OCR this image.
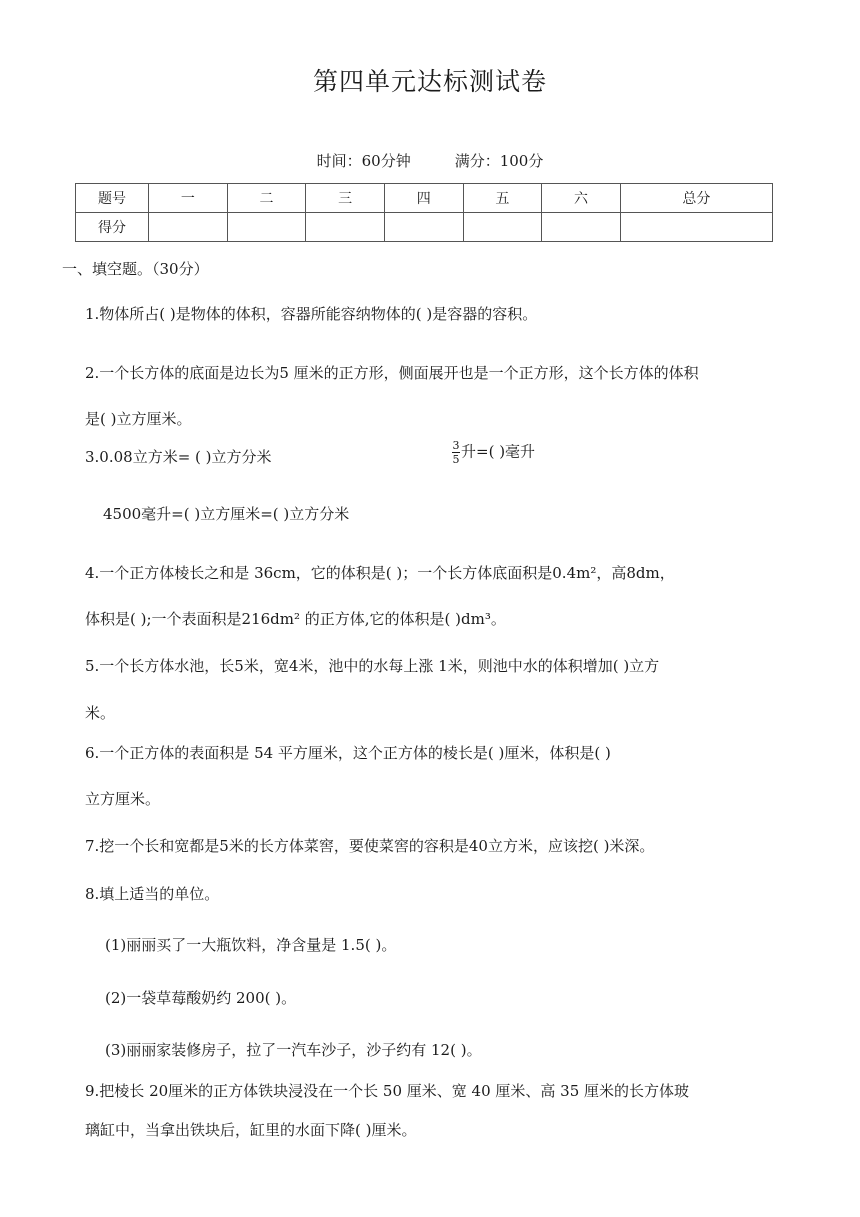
第四单元达标测试卷
时间：60分钟	满分：100分
题号	一	二	三	四	五	六	总分
得分							
一、填空题。（30分）
1.物体所占( )是物体的体积，容器所能容纳物体的( )是容器的容积。
2.一个长方体的底面是边长为5 厘米的正方形，侧面展开也是一个正方形，这个长方体的体积
是( )立方厘米。
3.0.08立方米= ( )立方分米	$\frac{3}{5}$ 升=( )毫升
4500毫升=( )立方厘米=( )立方分米
4.一个正方体棱长之和是 36cm，它的体积是( )；一个长方体底面积是0.4m²，高8dm，
体积是( );一个表面积是216dm² 的正方体,它的体积是( )dm³。
5.一个长方体水池，长5米，宽4米，池中的水每上涨 1米，则池中水的体积增加( )立方
米。
6.一个正方体的表面积是 54 平方厘米，这个正方体的棱长是( )厘米，体积是( )
立方厘米。
7.挖一个长和宽都是5米的长方体菜窖，要使菜窖的容积是40立方米，应该挖( )米深。
8.填上适当的单位。
(1)丽丽买了一大瓶饮料，净含量是 1.5( )。
(2)一袋草莓酸奶约 200( )。
(3)丽丽家装修房子，拉了一汽车沙子，沙子约有 12( )。
9.把棱长 20厘米的正方体铁块浸没在一个长 50 厘米、宽 40 厘米、高 35 厘米的长方体玻
璃缸中，当拿出铁块后，缸里的水面下降( )厘米。
